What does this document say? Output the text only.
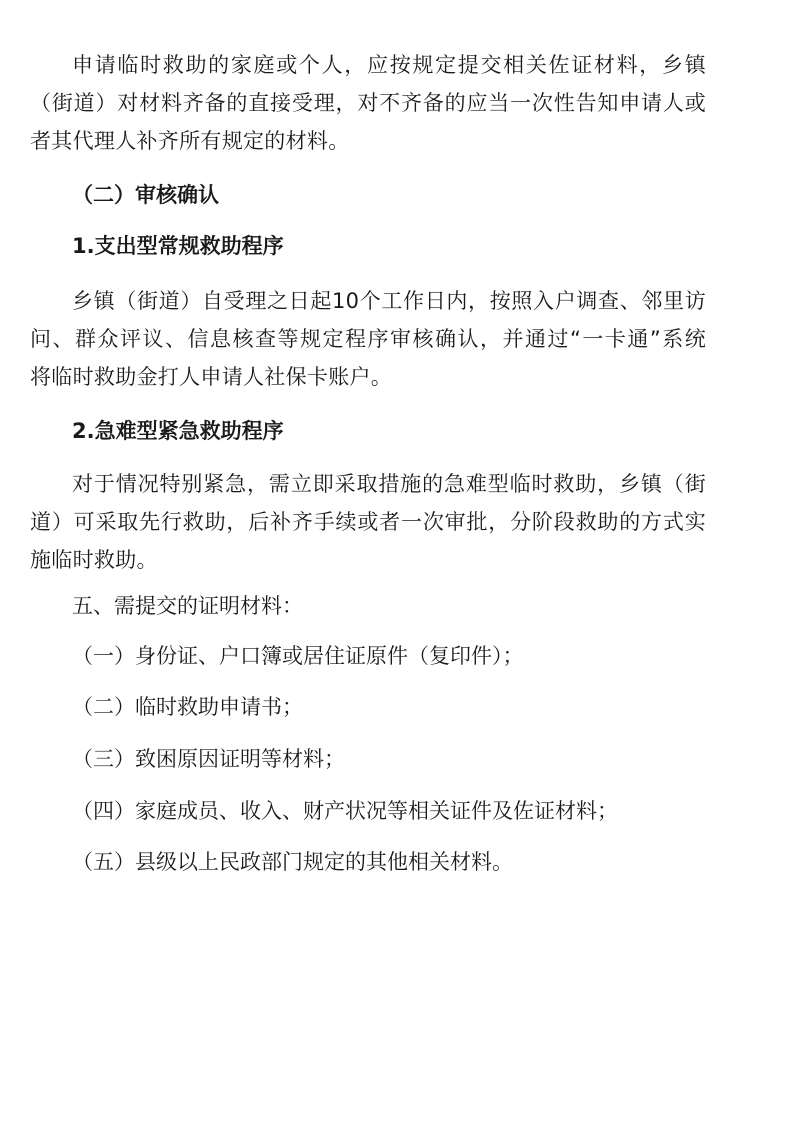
申请临时救助的家庭或个人，应按规定提交相关佐证材料，乡镇
（街道）对材料齐备的直接受理，对不齐备的应当一次性告知申请人或
者其代理人补齐所有规定的材料。
（二）审核确认
1.支出型常规救助程序
乡镇（街道）自受理之日起10个工作日内，按照入户调查、邻里访
问、群众评议、信息核查等规定程序审核确认，并通过“一卡通”系统
将临时救助金打人申请人社保卡账户。
2.急难型紧急救助程序
对于情况特别紧急，需立即采取措施的急难型临时救助，乡镇（街
道）可采取先行救助，后补齐手续或者一次审批，分阶段救助的方式实
施临时救助。
五、需提交的证明材料：
（一）身份证、户口簿或居住证原件（复印件）；
（二）临时救助申请书；
（三）致困原因证明等材料；
（四）家庭成员、收入、财产状况等相关证件及佐证材料；
（五）县级以上民政部门规定的其他相关材料。
